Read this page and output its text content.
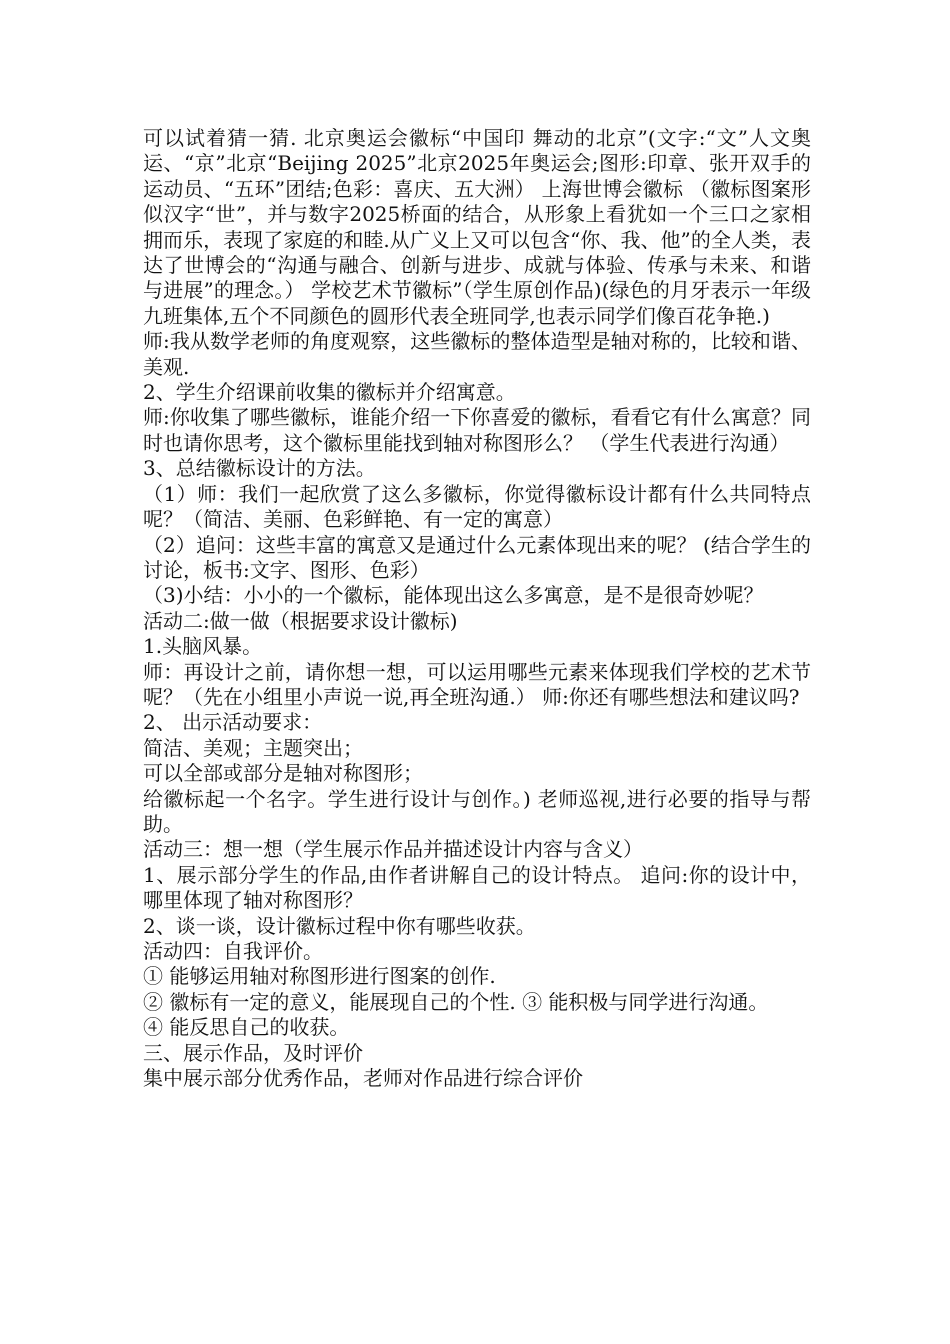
可以试着猜一猜. 北京奥运会徽标“中国印 舞动的北京”(文字:“文”人文奥运、“京”北京“Beijing 2025”北京2025年奥运会;图形:印章、张开双手的运动员、“五环”团结;色彩：喜庆、五大洲） 上海世博会徽标 （徽标图案形似汉字“世”，并与数字2025桥面的结合，从形象上看犹如一个三口之家相拥而乐，表现了家庭的和睦.从广义上又可以包含“你、我、他”的全人类，表达了世博会的“沟通与融合、创新与进步、成就与体验、传承与未来、和谐与进展”的理念。） 学校艺术节徽标”（学生原创作品)(绿色的月牙表示一年级九班集体,五个不同颜色的圆形代表全班同学,也表示同学们像百花争艳.)

师:我从数学老师的角度观察，这些徽标的整体造型是轴对称的，比较和谐、美观.

2、学生介绍课前收集的徽标并介绍寓意。

师:你收集了哪些徽标，谁能介绍一下你喜爱的徽标，看看它有什么寓意？同时也请你思考，这个徽标里能找到轴对称图形么？ （学生代表进行沟通）

3、总结徽标设计的方法。

（1）师：我们一起欣赏了这么多徽标，你觉得徽标设计都有什么共同特点呢？（简洁、美丽、色彩鲜艳、有一定的寓意）

（2）追问：这些丰富的寓意又是通过什么元素体现出来的呢？ (结合学生的讨论，板书:文字、图形、色彩）

（3)小结：小小的一个徽标，能体现出这么多寓意，是不是很奇妙呢？

活动二:做一做（根据要求设计徽标)

1.头脑风暴。

师：再设计之前，请你想一想，可以运用哪些元素来体现我们学校的艺术节呢？（先在小组里小声说一说,再全班沟通.） 师:你还有哪些想法和建议吗?

2、 出示活动要求：

简洁、美观；主题突出；

可以全部或部分是轴对称图形；

给徽标起一个名字。学生进行设计与创作。) 老师巡视,进行必要的指导与帮助。

活动三：想一想（学生展示作品并描述设计内容与含义）

1、展示部分学生的作品,由作者讲解自己的设计特点。 追问:你的设计中，哪里体现了轴对称图形？

2、谈一谈，设计徽标过程中你有哪些收获。

活动四：自我评价。

① 能够运用轴对称图形进行图案的创作.

② 徽标有一定的意义，能展现自己的个性. ③ 能积极与同学进行沟通。

④ 能反思自己的收获。

三、展示作品，及时评价

集中展示部分优秀作品，老师对作品进行综合评价
